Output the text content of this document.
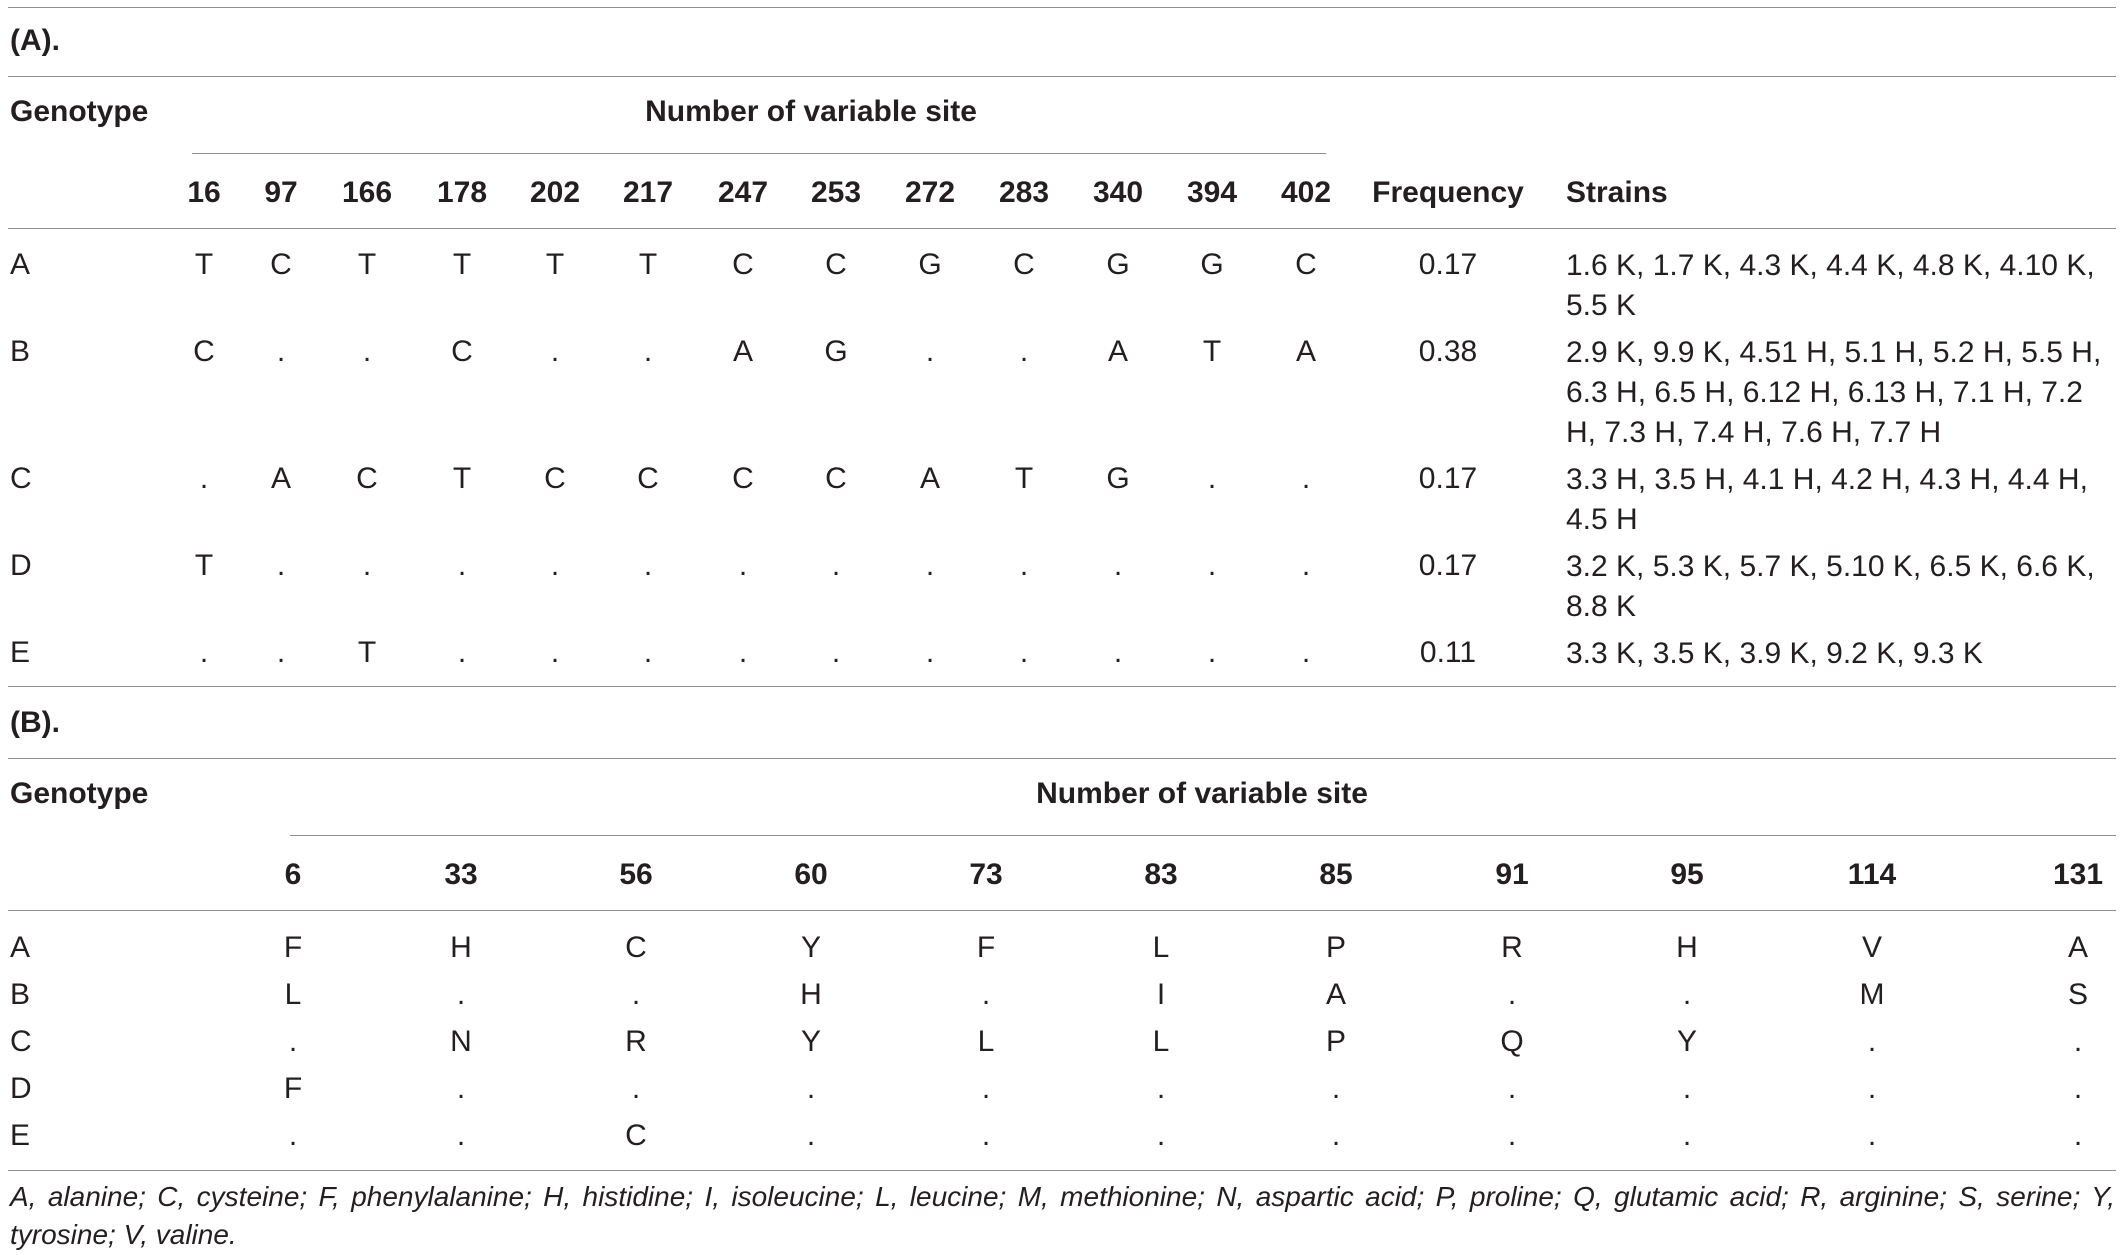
(A).
Genotype	Number of variable site
Frequency Strains
(B).
Genotype	Number of variable site
A, alanine; C, cysteine; F, phenylalanine; H, histidine; I, isoleucine; L, leucine; M, methionine; N, aspartic acid; P, proline; Q, glutamic acid; R, arginine; S, serine; Y, tyrosine; V, valine.
16 97 166 178 202 217 247 253 272 283 340 394 402
A	T C T	T T T	C C G C G G C	0.17	1.6 K, 1.7 K, 4.3 K, 4.4 K, 4.8 K, 4.10 K, 5.5 K
B	C .	.	C	.	.	A G	.	.	A T A	0.38	2.9 K, 9.9 K, 4.51 H, 5.1 H, 5.2 H, 5.5 H, 6.3 H, 6.5 H, 6.12 H, 6.13 H, 7.1 H, 7.2 H, 7.3 H, 7.4 H, 7.6 H, 7.7 H
C	. A C	T C C C C A T G	.	.	0.17	3.3 H, 3.5 H, 4.1 H, 4.2 H, 4.3 H, 4.4 H, 4.5 H
D	T .	.	.	.	.	.	.	.	.	.	.	.	0.17	3.2 K, 5.3 K, 5.7 K, 5.10 K, 6.5 K, 6.6 K, 8.8 K
E	. . T	.	.	.	.	.	.	.	.	.	.	0.11	3.3 K, 3.5 K, 3.9 K, 9.2 K, 9.3 K
6	33	56	60	73	83	85	91	95	114	131
A	F	H	C	Y	F	L	P	R	H	V	A
B	L	.	.	H	.	I	A	.	.	M	S
C	.	N	R	Y	L	L	P	Q	Y	.	.
D	F	.	.	.	.	.	.	.	.	.	.
E	.	.	C	.	.	.	.	.	.	.	.
